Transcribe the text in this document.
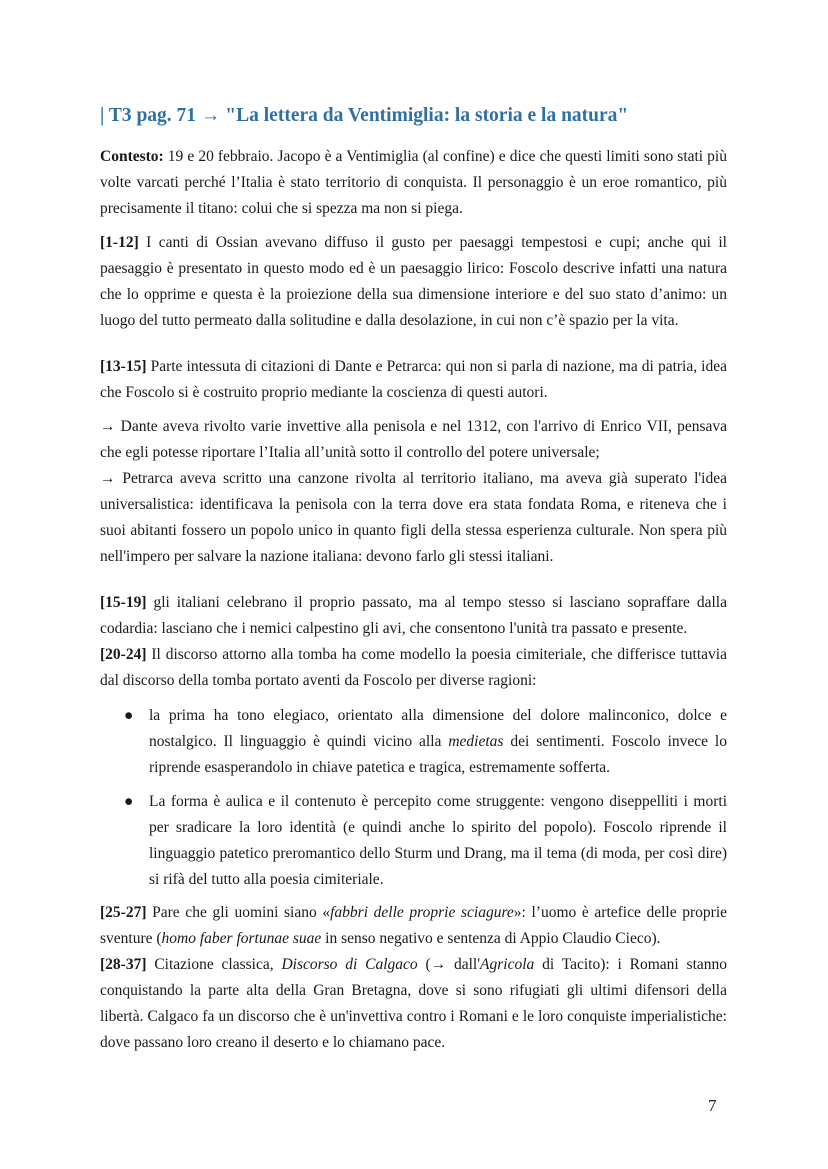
| T3 pag. 71 → "La lettera da Ventimiglia: la storia e la natura"

Contesto: 19 e 20 febbraio. Jacopo è a Ventimiglia (al confine) e dice che questi limiti sono stati più volte varcati perché l’Italia è stato territorio di conquista. Il personaggio è un eroe romantico, più precisamente il titano: colui che si spezza ma non si piega.

[1-12] I canti di Ossian avevano diffuso il gusto per paesaggi tempestosi e cupi; anche qui il paesaggio è presentato in questo modo ed è un paesaggio lirico: Foscolo descrive infatti una natura che lo opprime e questa è la proiezione della sua dimensione interiore e del suo stato d’animo: un luogo del tutto permeato dalla solitudine e dalla desolazione, in cui non c’è spazio per la vita.

[13-15] Parte intessuta di citazioni di Dante e Petrarca: qui non si parla di nazione, ma di patria, idea che Foscolo si è costruito proprio mediante la coscienza di questi autori.

→ Dante aveva rivolto varie invettive alla penisola e nel 1312, con l'arrivo di Enrico VII, pensava che egli potesse riportare l’Italia all’unità sotto il controllo del potere universale;

→ Petrarca aveva scritto una canzone rivolta al territorio italiano, ma aveva già superato l'idea universalistica: identificava la penisola con la terra dove era stata fondata Roma, e riteneva che i suoi abitanti fossero un popolo unico in quanto figli della stessa esperienza culturale. Non spera più nell'impero per salvare la nazione italiana: devono farlo gli stessi italiani.

[15-19] gli italiani celebrano il proprio passato, ma al tempo stesso si lasciano sopraffare dalla codardia: lasciano che i nemici calpestino gli avi, che consentono l'unità tra passato e presente.

[20-24] Il discorso attorno alla tomba ha come modello la poesia cimiteriale, che differisce tuttavia dal discorso della tomba portato aventi da Foscolo per diverse ragioni:

● la prima ha tono elegiaco, orientato alla dimensione del dolore malinconico, dolce e nostalgico. Il linguaggio è quindi vicino alla medietas dei sentimenti. Foscolo invece lo riprende esasperandolo in chiave patetica e tragica, estremamente sofferta.
● La forma è aulica e il contenuto è percepito come struggente: vengono diseppelliti i morti per sradicare la loro identità (e quindi anche lo spirito del popolo). Foscolo riprende il linguaggio patetico preromantico dello Sturm und Drang, ma il tema (di moda, per così dire) si rifà del tutto alla poesia cimiteriale.

[25-27] Pare che gli uomini siano «fabbri delle proprie sciagure»: l’uomo è artefice delle proprie sventure (homo faber fortunae suae in senso negativo e sentenza di Appio Claudio Cieco).

[28-37] Citazione classica, Discorso di Calgaco (→ dall'Agricola di Tacito): i Romani stanno conquistando la parte alta della Gran Bretagna, dove si sono rifugiati gli ultimi difensori della libertà. Calgaco fa un discorso che è un'invettiva contro i Romani e le loro conquiste imperialistiche: dove passano loro creano il deserto e lo chiamano pace.

7
